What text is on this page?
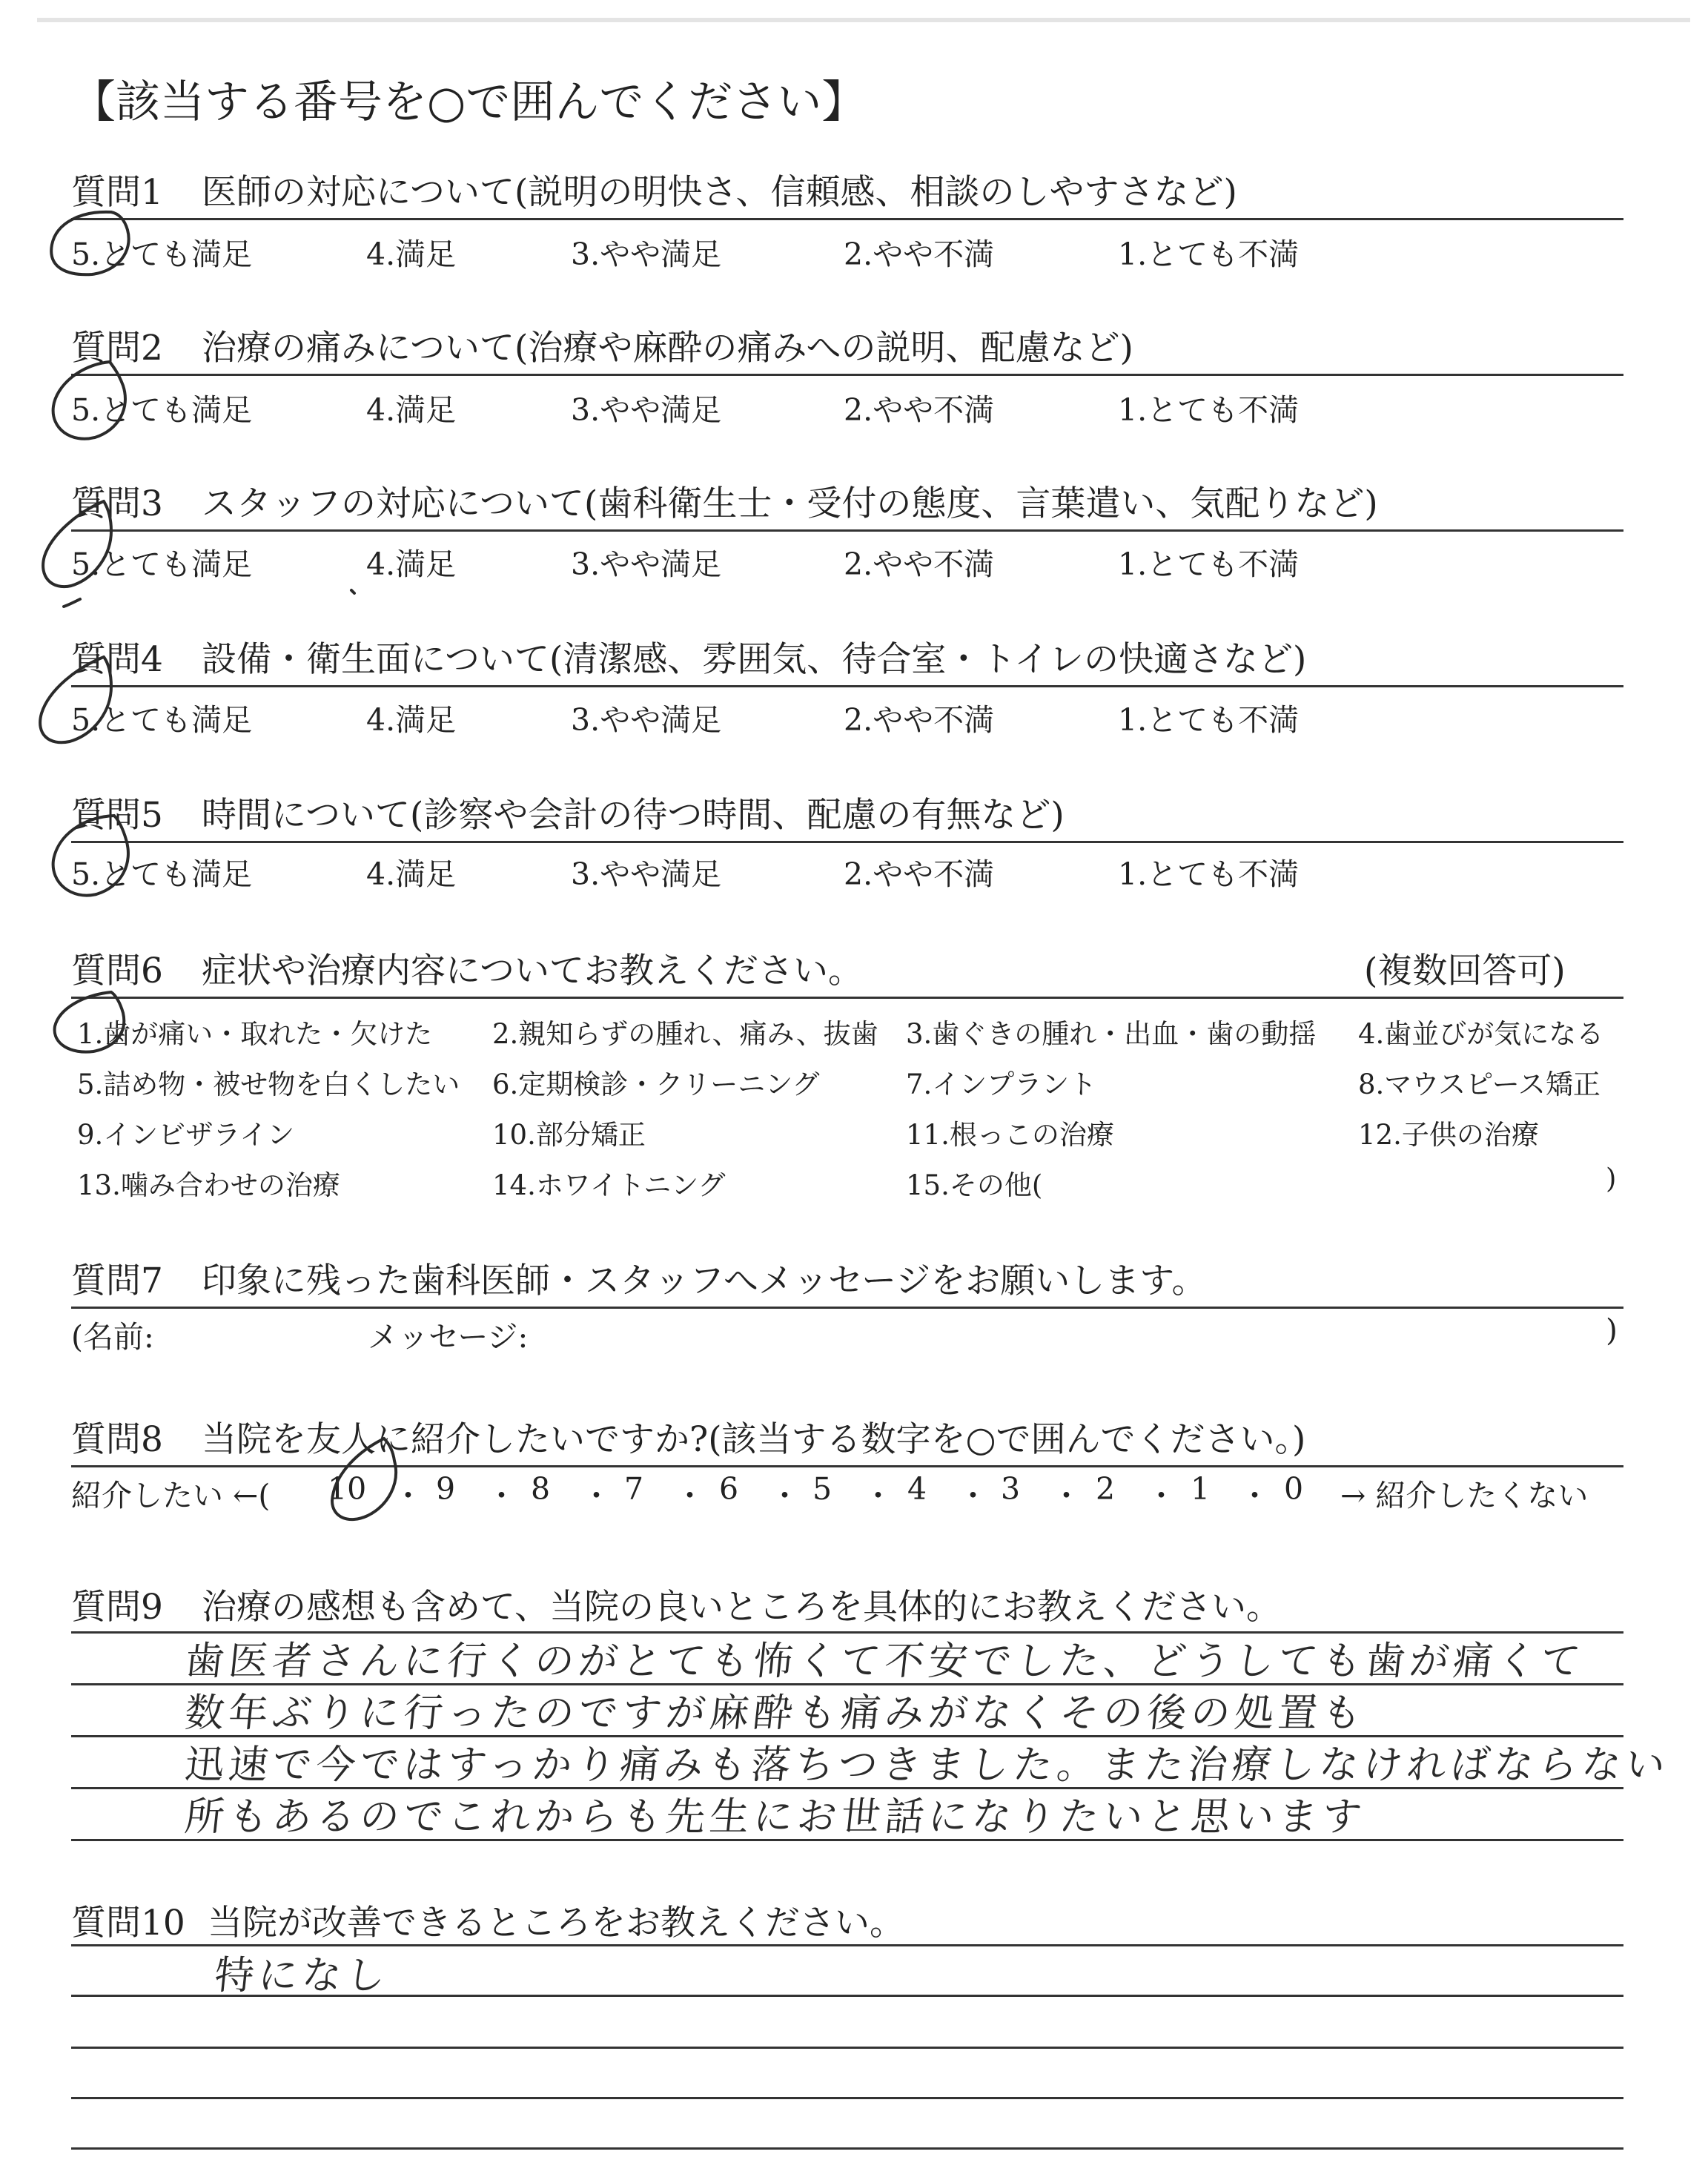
【該当する番号を○で囲んでください】
質問1 医師の対応について(説明の明快さ、信頼感、相談のしやすさなど)
5.とても満足	4.満足	3.やや満足	2.やや不満	1.とても不満
質問2 治療の痛みについて(治療や麻酔の痛みへの説明、配慮など)
5.とても満足	4.満足	3.やや満足	2.やや不満	1.とても不満
質問3 スタッフの対応について(歯科衛生士・受付の態度、言葉遣い、気配りなど)
5.とても満足	4.満足	3.やや満足	2.やや不満	1.とても不満
質問4 設備・衛生面について(清潔感、雰囲気、待合室・トイレの快適さなど)
5.とても満足	4.満足	3.やや満足	2.やや不満	1.とても不満
質問5 時間について(診察や会計の待つ時間、配慮の有無など)
5.とても満足	4.満足	3.やや満足	2.やや不満	1.とても不満
質問6 症状や治療内容についてお教えください。	(複数回答可)
1.歯が痛い・取れた・欠けた 2.親知らずの腫れ、痛み、抜歯 3.歯ぐきの腫れ・出血・歯の動揺 4.歯並びが気になる
5.詰め物・被せ物を白くしたい 6.定期検診・クリーニング	7.インプラント	8.マウスピース矯正
9.インビザライン	10.部分矯正	11.根っこの治療	12.子供の治療
13.噛み合わせの治療	14.ホワイトニング	15.その他(	)
質問7 印象に残った歯科医師・スタッフへメッセージをお願いします。
(名前:	メッセージ:	)
質問8 当院を友人に紹介したいですか?(該当する数字を○で囲んでください。)
紹介したい ←( 10 ・ 9 ・ 8 ・ 7 ・ 6 ・ 5 ・ 4 ・ 3 ・ 2 ・ 1 ・ 0 → 紹介したくない
質問9 治療の感想も含めて、当院の良いところを具体的にお教えください。
歯医者さんに行くのがとても怖くて不安でした、どうしても歯が痛くて
数年ぶりに行ったのですが麻酔も痛みがなくその後の処置も
迅速で今ではすっかり痛みも落ちつきました。また治療しなければならない
所もあるのでこれからも先生にお世話になりたいと思います
質問10 当院が改善できるところをお教えください。
特になし
